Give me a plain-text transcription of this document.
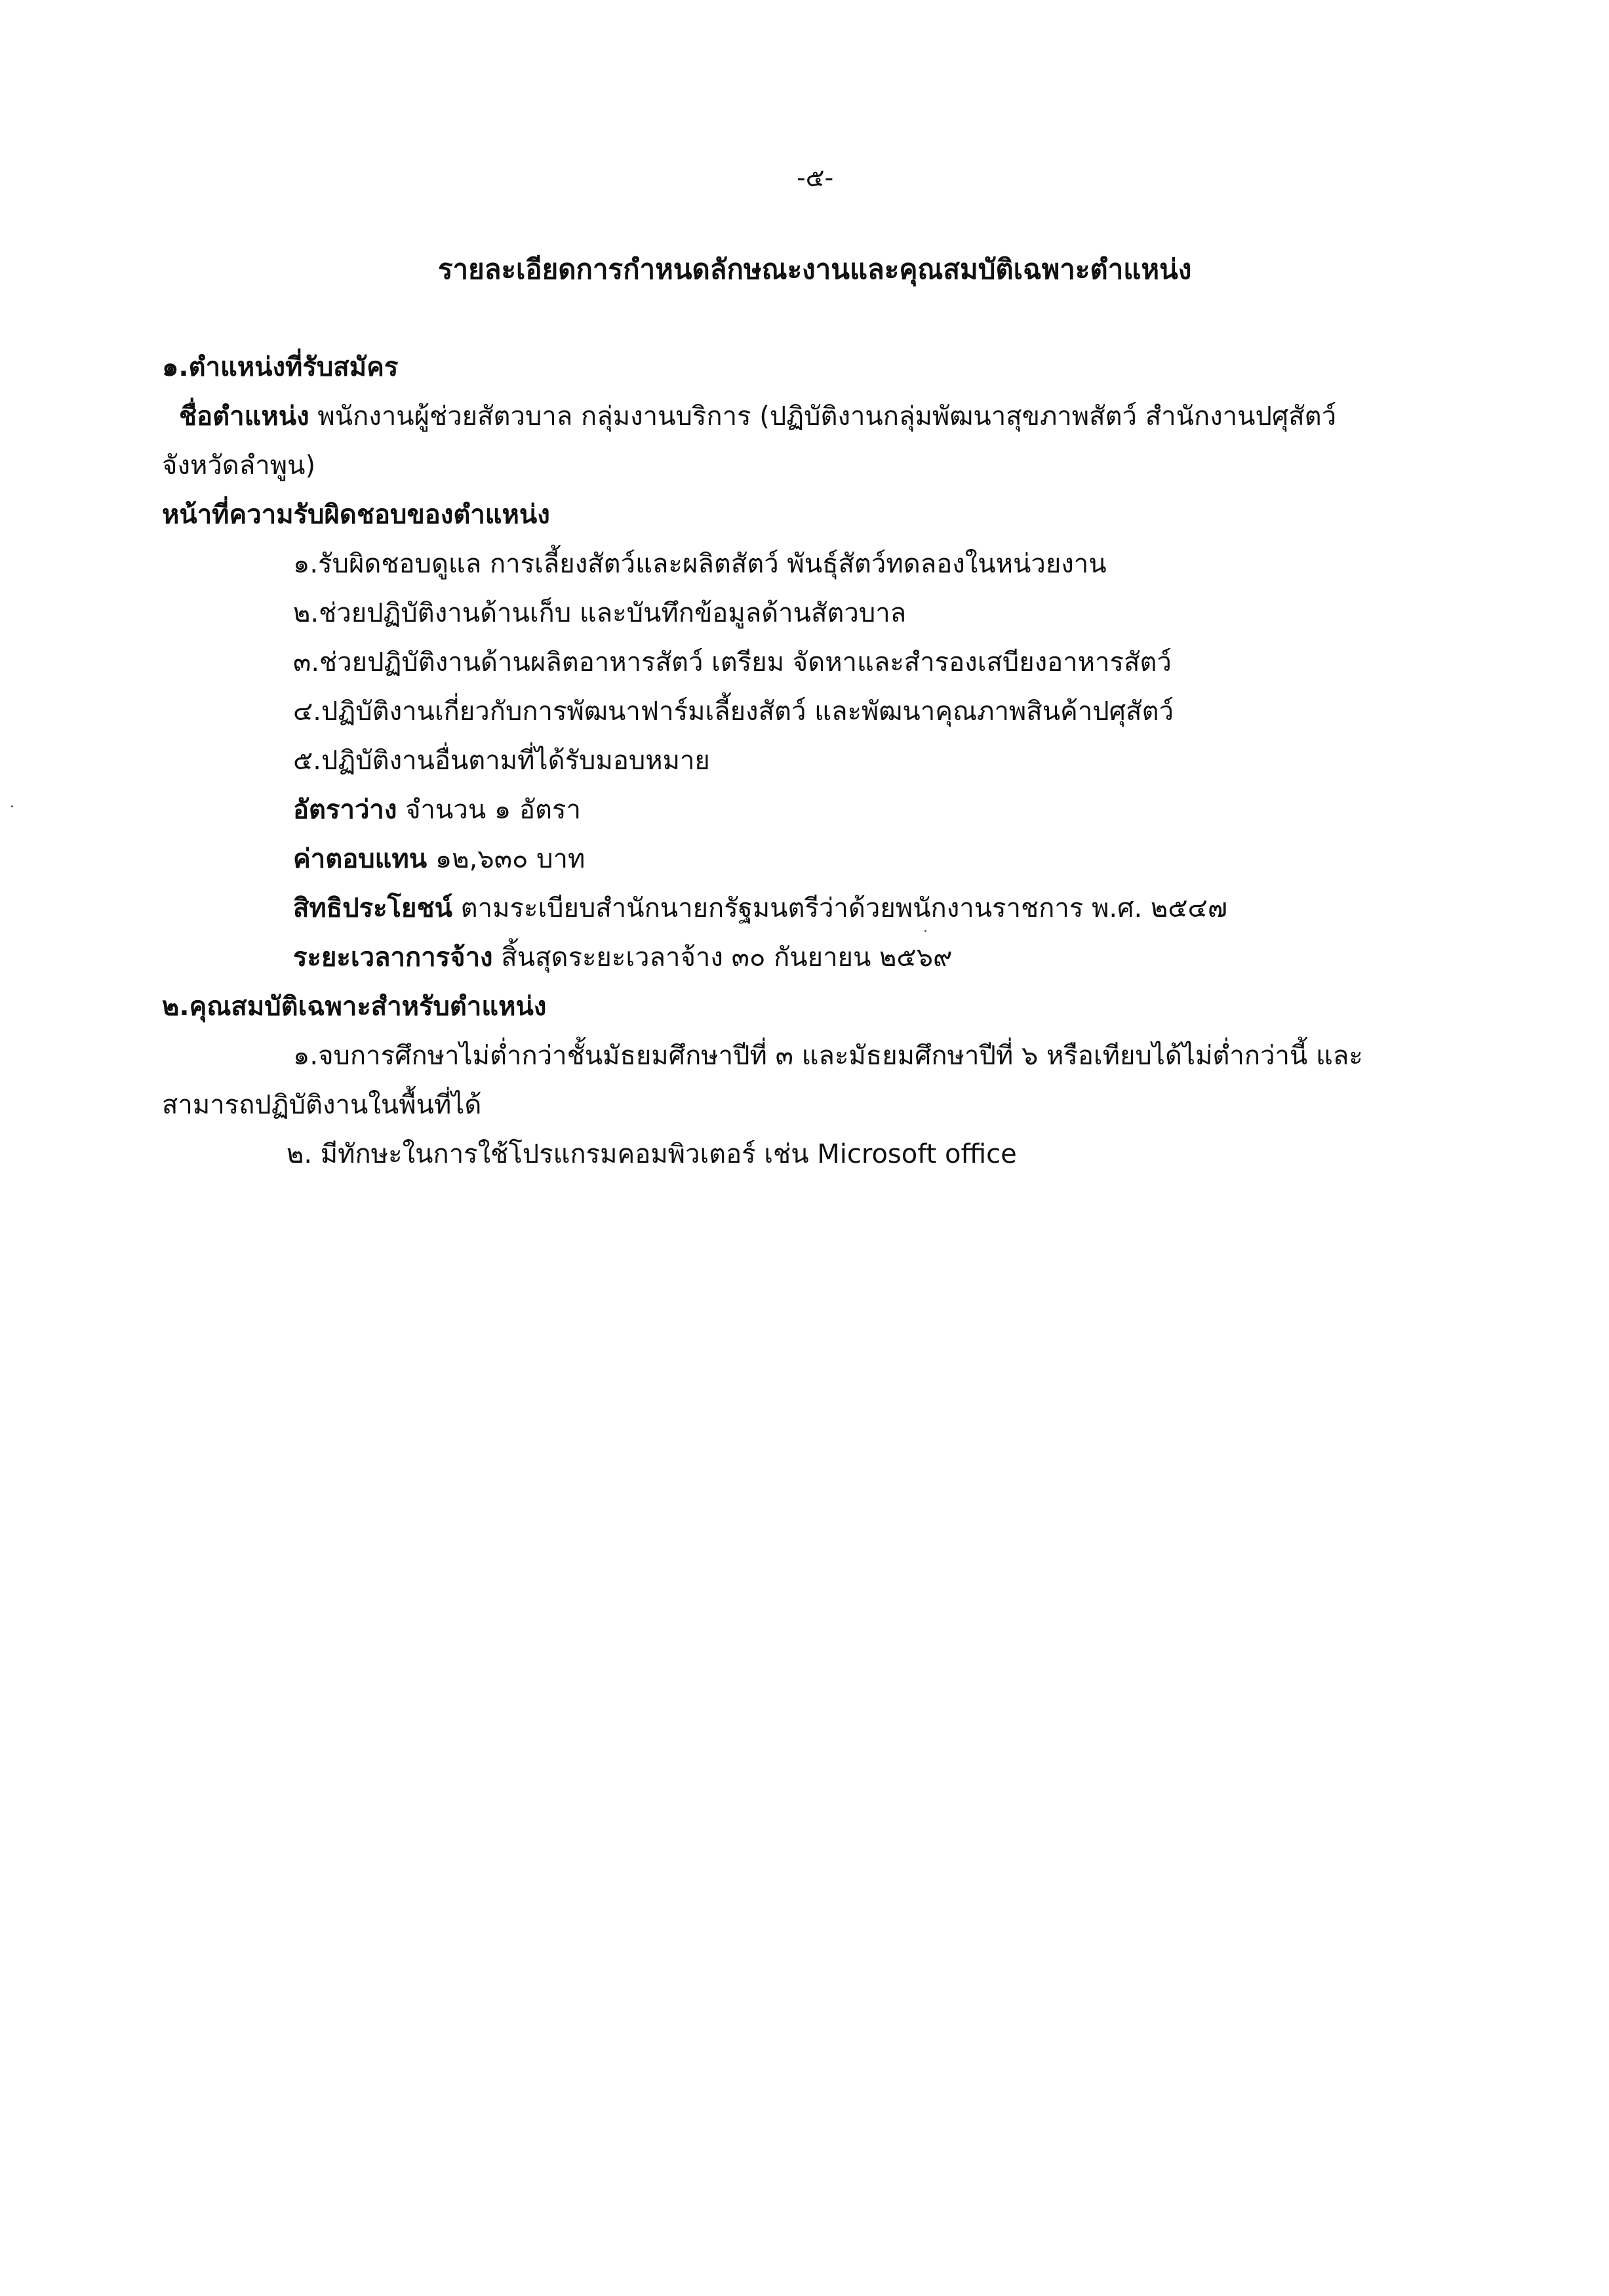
-๕-
รายละเอียดการกำหนดลักษณะงานและคุณสมบัติเฉพาะตำแหน่ง
๑.ตำแหน่งที่รับสมัคร
ชื่อตำแหน่ง พนักงานผู้ช่วยสัตวบาล กลุ่มงานบริการ (ปฏิบัติงานกลุ่มพัฒนาสุขภาพสัตว์ สำนักงานปศุสัตว์
จังหวัดลำพูน)
หน้าที่ความรับผิดชอบของตำแหน่ง
๑.รับผิดชอบดูแล การเลี้ยงสัตว์และผลิตสัตว์ พันธุ์สัตว์ทดลองในหน่วยงาน
๒.ช่วยปฏิบัติงานด้านเก็บ และบันทึกข้อมูลด้านสัตวบาล
๓.ช่วยปฏิบัติงานด้านผลิตอาหารสัตว์ เตรียม จัดหาและสำรองเสบียงอาหารสัตว์
๔.ปฏิบัติงานเกี่ยวกับการพัฒนาฟาร์มเลี้ยงสัตว์ และพัฒนาคุณภาพสินค้าปศุสัตว์
๕.ปฏิบัติงานอื่นตามที่ได้รับมอบหมาย
อัตราว่าง จำนวน ๑ อัตรา
ค่าตอบแทน ๑๒,๖๓๐ บาท
สิทธิประโยชน์ ตามระเบียบสำนักนายกรัฐมนตรีว่าด้วยพนักงานราชการ พ.ศ. ๒๕๔๗
ระยะเวลาการจ้าง สิ้นสุดระยะเวลาจ้าง ๓๐ กันยายน ๒๕๖๙
๒.คุณสมบัติเฉพาะสำหรับตำแหน่ง
๑.จบการศึกษาไม่ต่ำกว่าชั้นมัธยมศึกษาปีที่ ๓ และมัธยมศึกษาปีที่ ๖ หรือเทียบได้ไม่ต่ำกว่านี้ และ
สามารถปฏิบัติงานในพื้นที่ได้
๒. มีทักษะในการใช้โปรแกรมคอมพิวเตอร์ เช่น Microsoft office
